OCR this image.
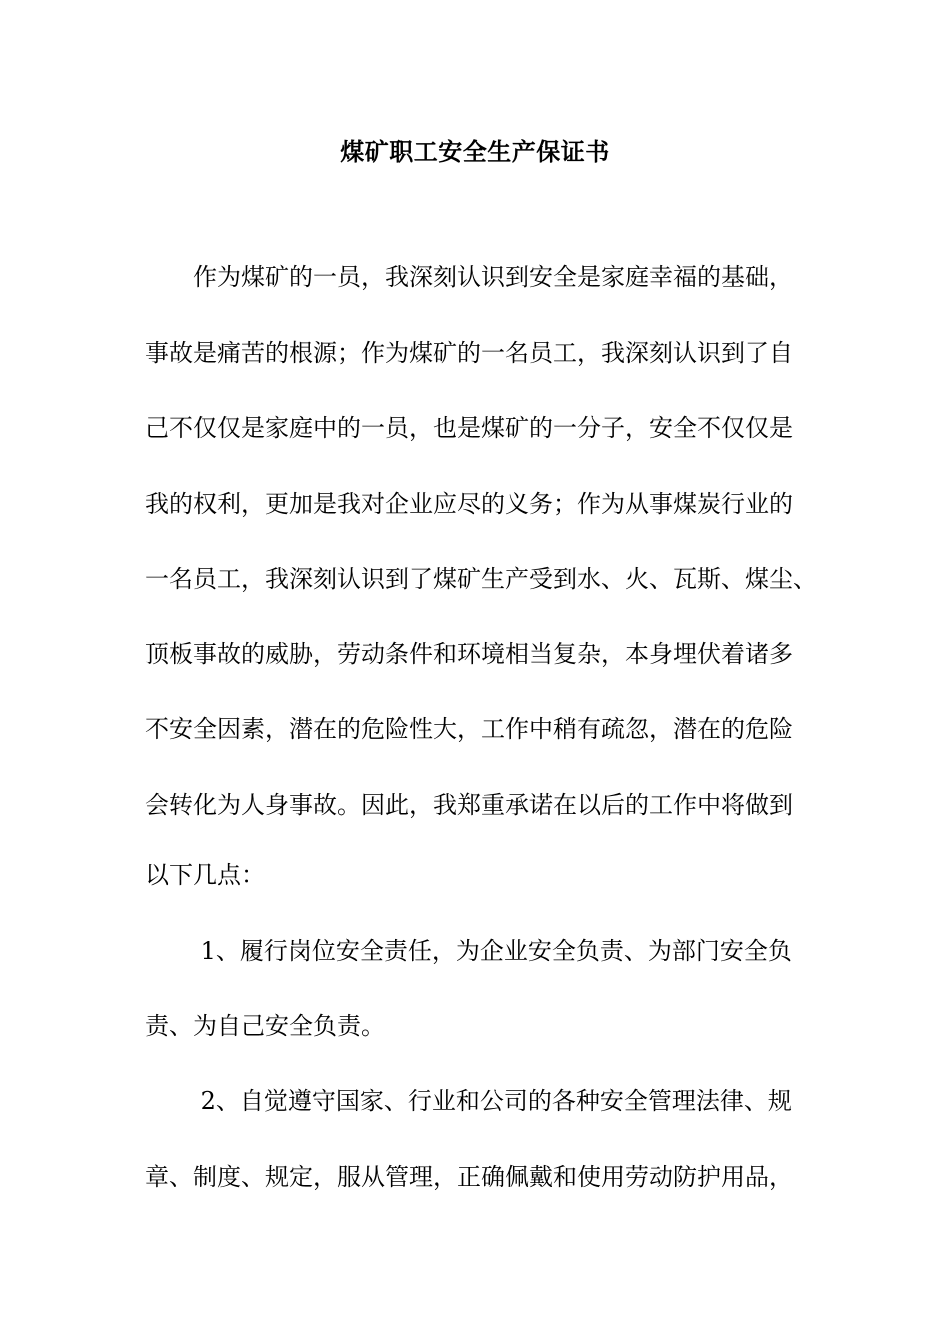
煤矿职工安全生产保证书
　　作为煤矿的一员，我深刻认识到安全是家庭幸福的基础，
事故是痛苦的根源；作为煤矿的一名员工，我深刻认识到了自
己不仅仅是家庭中的一员，也是煤矿的一分子，安全不仅仅是
我的权利，更加是我对企业应尽的义务；作为从事煤炭行业的
一名员工，我深刻认识到了煤矿生产受到水、火、瓦斯、煤尘、
顶板事故的威胁，劳动条件和环境相当复杂，本身埋伏着诸多
不安全因素，潜在的危险性大，工作中稍有疏忽，潜在的危险
会转化为人身事故。因此，我郑重承诺在以后的工作中将做到
以下几点：
　　 1、履行岗位安全责任，为企业安全负责、为部门安全负
责、为自己安全负责。
　　 2、自觉遵守国家、行业和公司的各种安全管理法律、规
章、制度、规定，服从管理，正确佩戴和使用劳动防护用品，
